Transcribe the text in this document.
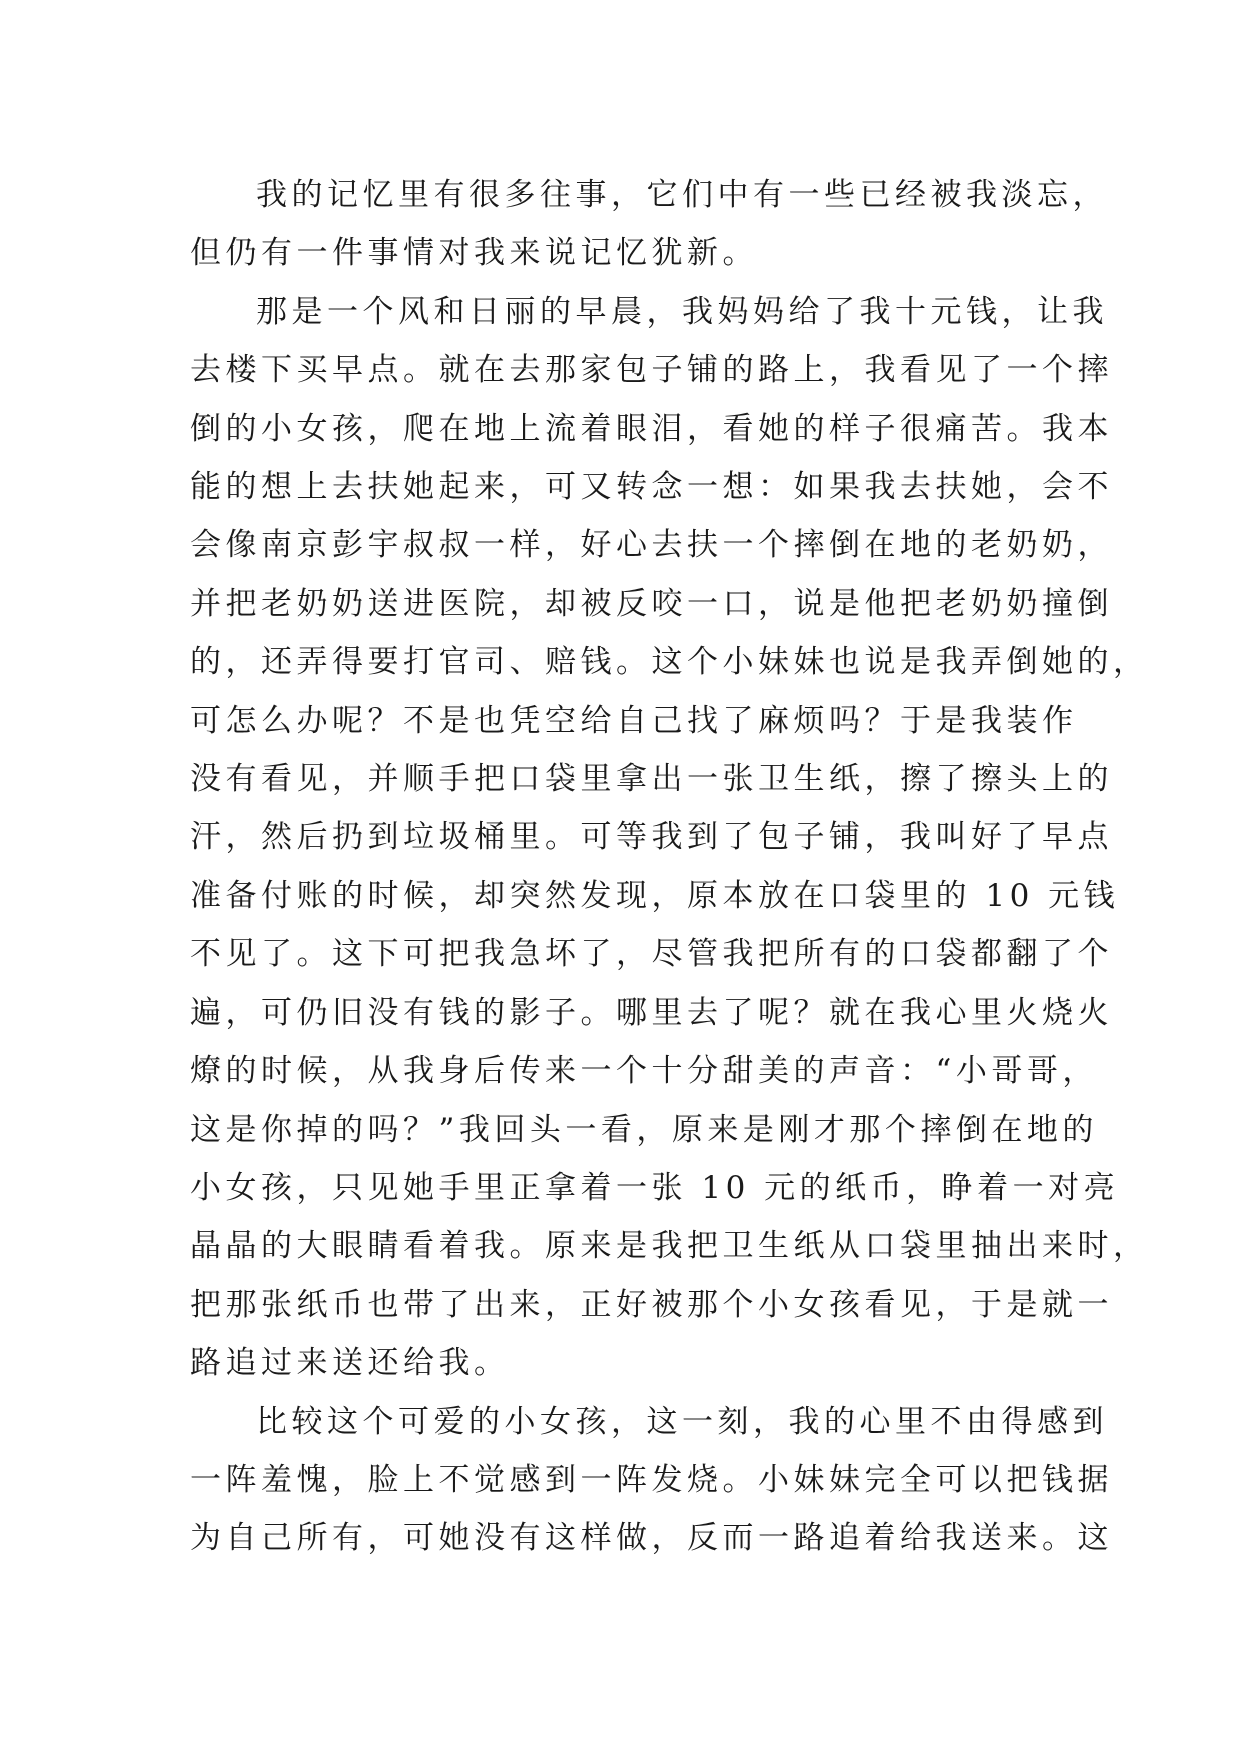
我的记忆里有很多往事，它们中有一些已经被我淡忘，
但仍有一件事情对我来说记忆犹新。

那是一个风和日丽的早晨，我妈妈给了我十元钱，让我
去楼下买早点。就在去那家包子铺的路上，我看见了一个摔
倒的小女孩，爬在地上流着眼泪，看她的样子很痛苦。我本
能的想上去扶她起来，可又转念一想：如果我去扶她，会不
会像南京彭宇叔叔一样，好心去扶一个摔倒在地的老奶奶，
并把老奶奶送进医院，却被反咬一口，说是他把老奶奶撞倒
的，还弄得要打官司、赔钱。这个小妹妹也说是我弄倒她的，
可怎么办呢？不是也凭空给自己找了麻烦吗？于是我装作
没有看见，并顺手把口袋里拿出一张卫生纸，擦了擦头上的
汗，然后扔到垃圾桶里。可等我到了包子铺，我叫好了早点
准备付账的时候，却突然发现，原本放在口袋里的 10 元钱
不见了。这下可把我急坏了，尽管我把所有的口袋都翻了个
遍，可仍旧没有钱的影子。哪里去了呢？就在我心里火烧火
燎的时候，从我身后传来一个十分甜美的声音：“小哥哥，
这是你掉的吗？”我回头一看，原来是刚才那个摔倒在地的
小女孩，只见她手里正拿着一张 10 元的纸币，睁着一对亮
晶晶的大眼睛看着我。原来是我把卫生纸从口袋里抽出来时，
把那张纸币也带了出来，正好被那个小女孩看见，于是就一
路追过来送还给我。

比较这个可爱的小女孩，这一刻，我的心里不由得感到
一阵羞愧，脸上不觉感到一阵发烧。小妹妹完全可以把钱据
为自己所有，可她没有这样做，反而一路追着给我送来。这
